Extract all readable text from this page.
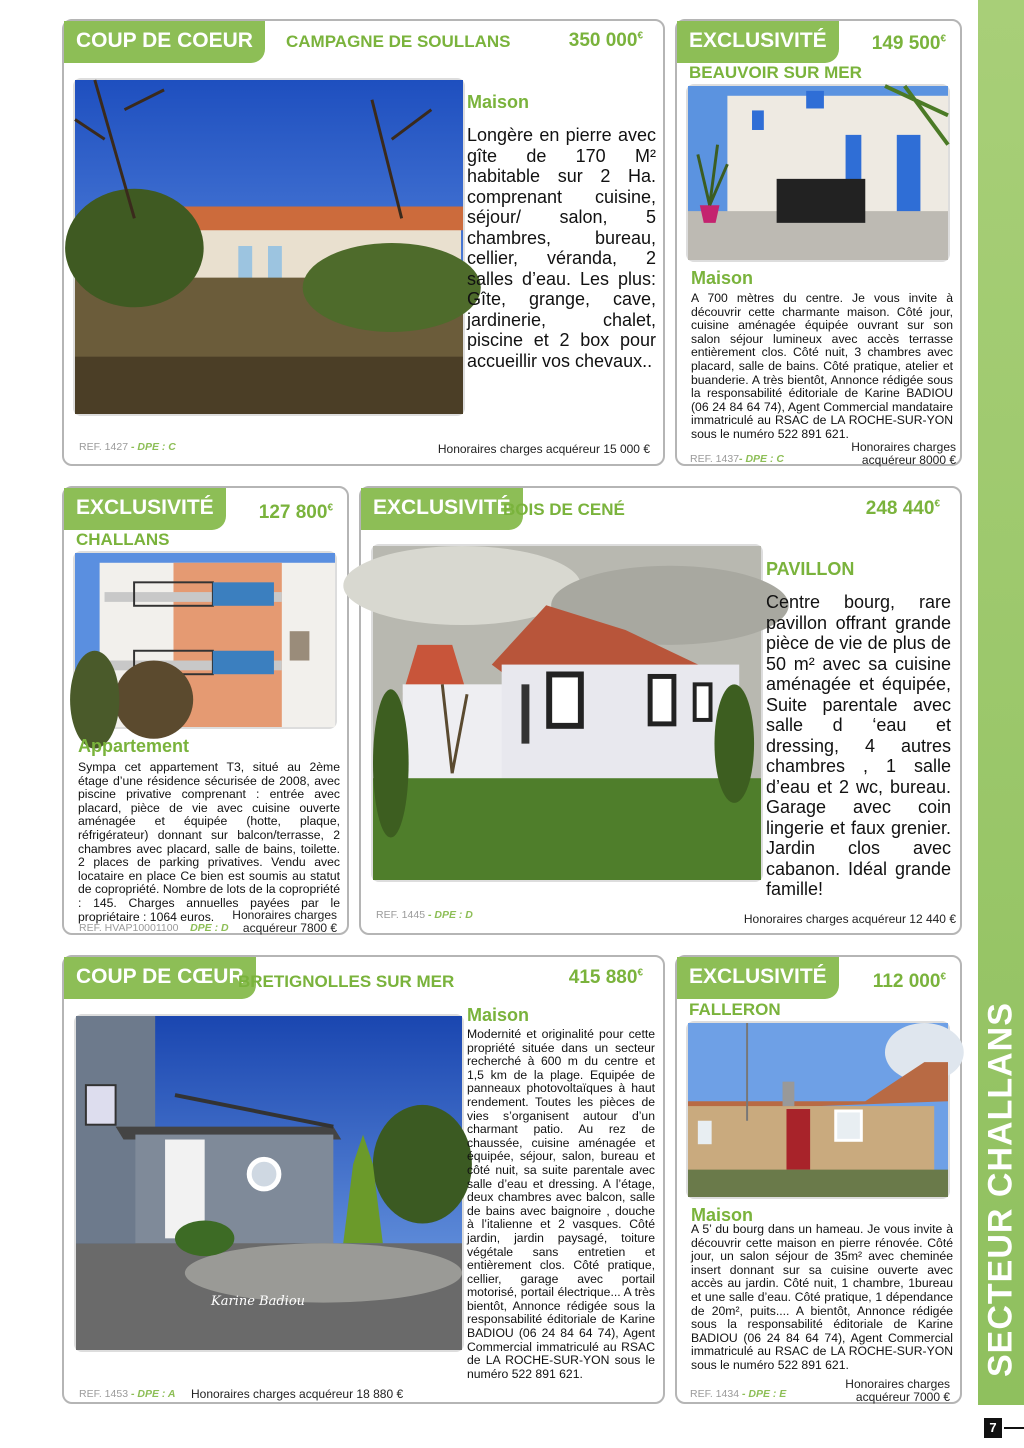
SECTEUR CHALLANS
7
COUP DE COEUR	CAMPAGNE DE SOULLANS	350 000€
Maison
Longère en pierre avec gîte de 170 M² habitable sur 2 Ha. comprenant cuisine, séjour/ salon, 5 chambres, bureau, cellier, véranda, 2 salles d’eau. Les plus: Gîte, grange, cave, jardinerie, chalet, piscine et 2 box pour accueillir vos chevaux..
REF. 1427 - DPE : C	Honoraires charges acquéreur 15 000 €
EXCLUSIVITÉ	149 500€
BEAUVOIR SUR MER
Maison
A 700 mètres du centre. Je vous invite à découvrir cette charmante maison. Côté jour, cuisine aménagée équipée ouvrant sur son salon séjour lumineux avec accès terrasse entièrement clos. Côté nuit, 3 chambres avec placard, salle de bains. Côté pratique, atelier et buanderie. A très bientôt, Annonce rédigée sous la responsabilité éditoriale de Karine BADIOU (06 24 84 64 74), Agent Commercial mandataire immatriculé au RSAC de LA ROCHE-SUR-YON sous le numéro 522 891 621.
REF. 1437- DPE : C
Honoraires charges
acquéreur 8000 €
EXCLUSIVITÉ	127 800€
CHALLANS
Appartement
Sympa cet appartement T3, situé au 2ème étage d’une résidence sécurisée de 2008, avec piscine privative comprenant : entrée avec placard, pièce de vie avec cuisine ouverte aménagée et équipée (hotte, plaque, réfrigérateur) donnant sur balcon/terrasse, 2 chambres avec placard, salle de bains, toilette. 2 places de parking privatives. Vendu avec locataire en place Ce bien est soumis au statut de copropriété. Nombre de lots de la copropriété : 145. Charges annuelles payées par le propriétaire : 1064 euros.
REF. HVAP10001100 DPE : D
Honoraires charges
acquéreur 7800 €
EXCLUSIVITÉ
BOIS DE CENÉ	248 440€
PAVILLON
Centre bourg, rare pavillon offrant grande pièce de vie de plus de 50 m² avec sa cuisine aménagée et équipée, Suite parentale avec salle d ‘eau et dressing, 4 autres chambres , 1 salle d’eau et 2 wc, bureau. Garage avec coin lingerie et faux grenier. Jardin clos avec cabanon. Idéal grande famille!
REF. 1445 - DPE : D	Honoraires charges acquéreur 12 440 €
COUP DE CŒUR
BRETIGNOLLES SUR MER	415 880€
Karine Badiou
Maison
Modernité et originalité pour cette propriété située dans un secteur recherché à 600 m du centre et 1,5 km de la plage. Equipée de panneaux photovoltaïques à haut rendement. Toutes les pièces de vies s’organisent autour d’un charmant patio. Au rez de chaussée, cuisine aménagée et équipée, séjour, salon, bureau et côté nuit, sa suite parentale avec salle d’eau et dressing. A l’étage, deux chambres avec balcon, salle de bains avec baignoire , douche à l’italienne et 2 vasques. Côté jardin, jardin paysagé, toiture végétale sans entretien et entièrement clos. Côté pratique, cellier, garage avec portail motorisé, portail électrique... A très bientôt, Annonce rédigée sous la responsabilité éditoriale de Karine BADIOU (06 24 84 64 74), Agent Commercial immatriculé au RSAC de LA ROCHE-SUR-YON sous le numéro 522 891 621.
REF. 1453 - DPE : A Honoraires charges acquéreur 18 880 €
EXCLUSIVITÉ	112 000€
FALLERON
Maison
A 5’ du bourg dans un hameau. Je vous invite à découvrir cette maison en pierre rénovée. Côté jour, un salon séjour de 35m² avec cheminée insert donnant sur sa cuisine ouverte avec accès au jardin. Côté nuit, 1 chambre, 1bureau et une salle d’eau. Côté pratique, 1 dépendance de 20m², puits.... A bientôt, Annonce rédigée sous la responsabilité éditoriale de Karine BADIOU (06 24 84 64 74), Agent Commercial immatriculé au RSAC de LA ROCHE-SUR-YON sous le numéro 522 891 621.
REF. 1434 - DPE : E
Honoraires charges
acquéreur 7000 €
